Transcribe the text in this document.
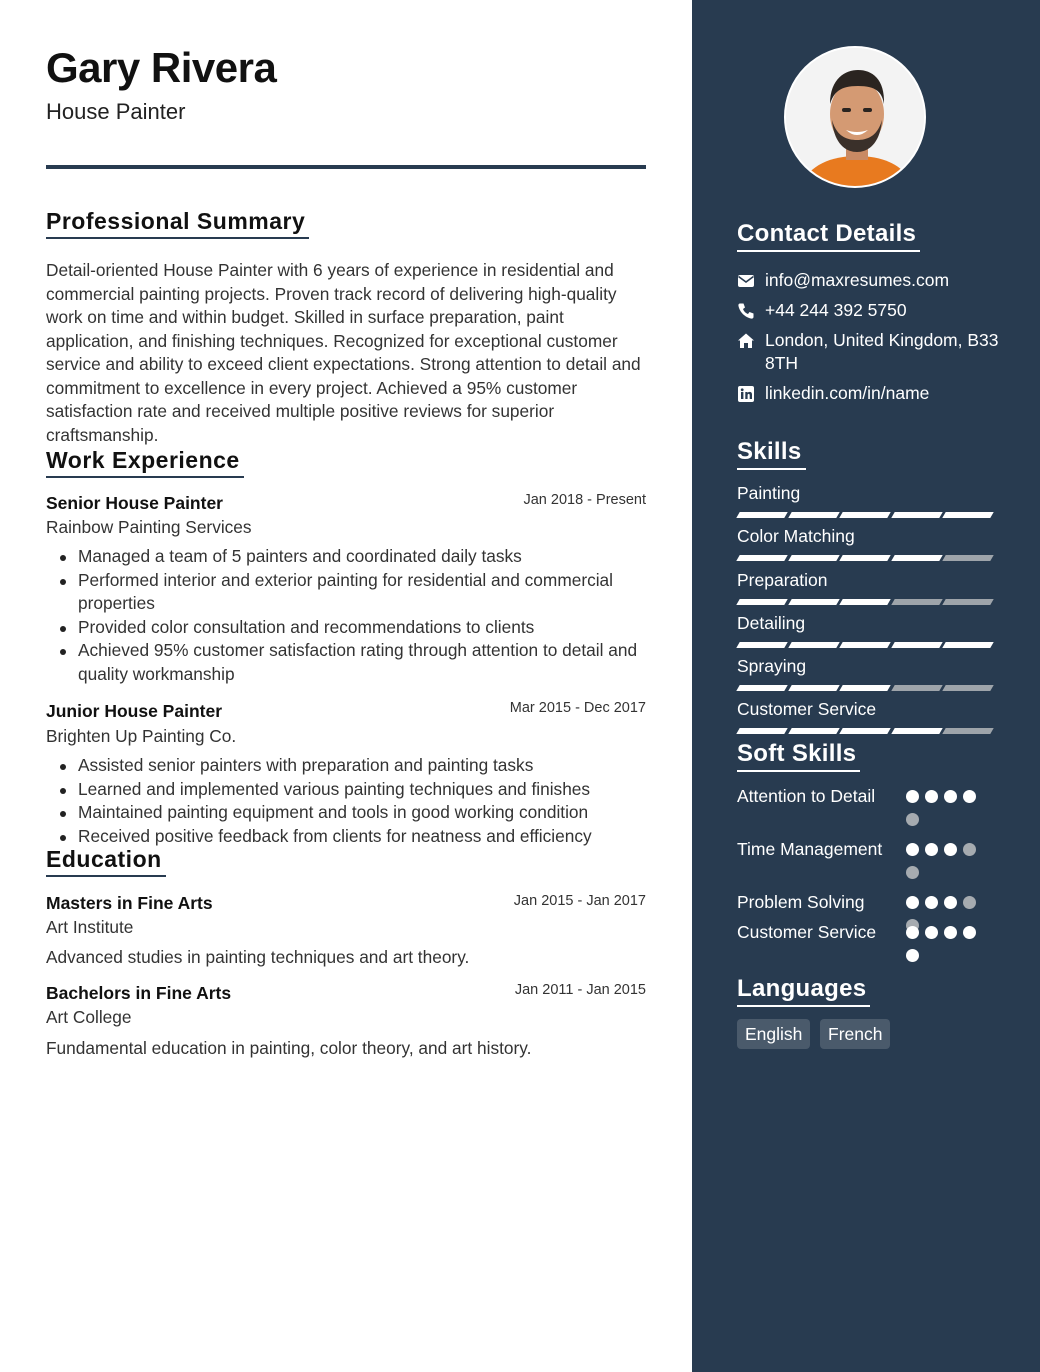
Gary Rivera
House Painter
Professional Summary

Detail-oriented House Painter with 6 years of experience in residential and commercial painting projects. Proven track record of delivering high-quality work on time and within budget. Skilled in surface preparation, paint application, and finishing techniques. Recognized for exceptional customer service and ability to exceed client expectations. Strong attention to detail and commitment to excellence in every project. Achieved a 95% customer satisfaction rate and received multiple positive reviews for superior craftsmanship.

Work Experience
Senior House Painter	Jan 2018 - Present
Rainbow Painting Services
Managed a team of 5 painters and coordinated daily tasks
Performed interior and exterior painting for residential and commercial properties
Provided color consultation and recommendations to clients
Achieved 95% customer satisfaction rating through attention to detail and quality workmanship
Junior House Painter	Mar 2015 - Dec 2017
Brighten Up Painting Co.
Assisted senior painters with preparation and painting tasks
Learned and implemented various painting techniques and finishes
Maintained painting equipment and tools in good working condition
Received positive feedback from clients for neatness and efficiency
Education
Masters in Fine Arts	Jan 2015 - Jan 2017
Art Institute
Advanced studies in painting techniques and art theory.
Bachelors in Fine Arts	Jan 2011 - Jan 2015
Art College
Fundamental education in painting, color theory, and art history.
Contact Details
info@maxresumes.com
+44 244 392 5750
London, United Kingdom, B33 8TH
linkedin.com/in/name
Skills
Painting
Color Matching
Preparation
Detailing
Spraying
Customer Service
Soft Skills
Attention to Detail
Time Management
Problem Solving
Customer Service
Languages
English	French
